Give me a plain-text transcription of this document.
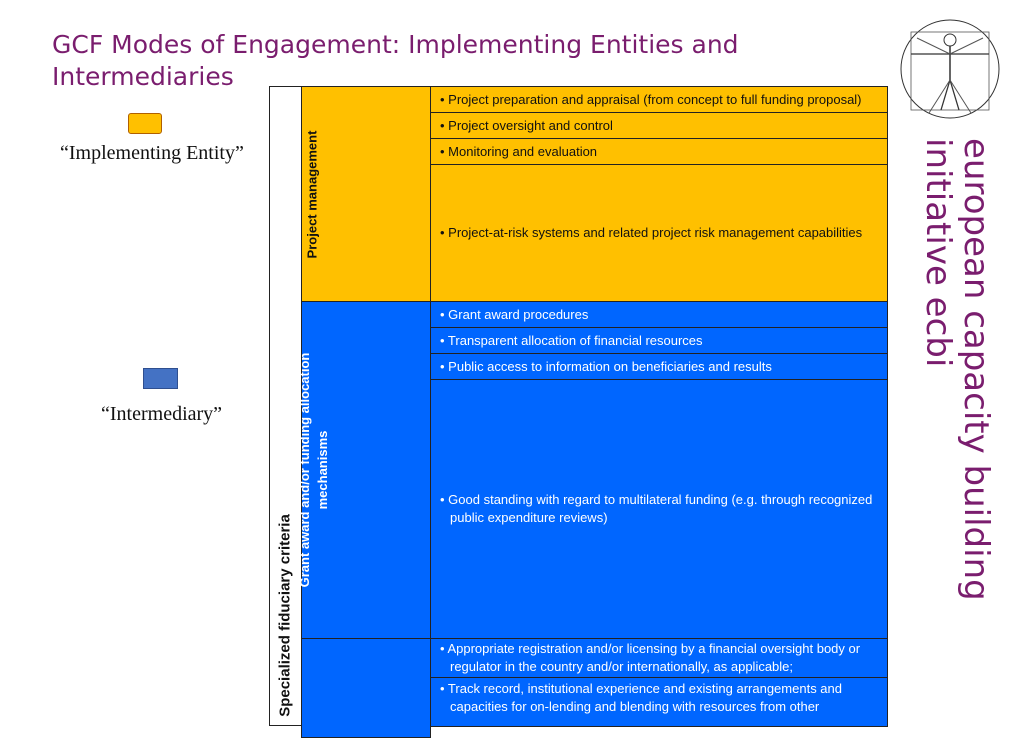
GCF Modes of Engagement: Implementing Entities and Intermediaries
“Implementing Entity”
“Intermediary”
Specialized fiduciary criteria
Project management
Grant award and/or funding allocation mechanisms
• Project preparation and appraisal (from concept to full funding proposal)
• Project oversight and control
• Monitoring and evaluation
• Project-at-risk systems and related project risk management capabilities
• Grant award procedures
• Transparent allocation of financial resources
• Public access to information on beneficiaries and results
• Good standing with regard to multilateral funding (e.g. through recognized public expenditure reviews)
• Appropriate registration and/or licensing by a financial oversight body or regulator in the country and/or internationally, as applicable;
• Track record, institutional experience and existing arrangements and capacities for on-lending and blending with resources from other
european capacity building
initiative ecbi
